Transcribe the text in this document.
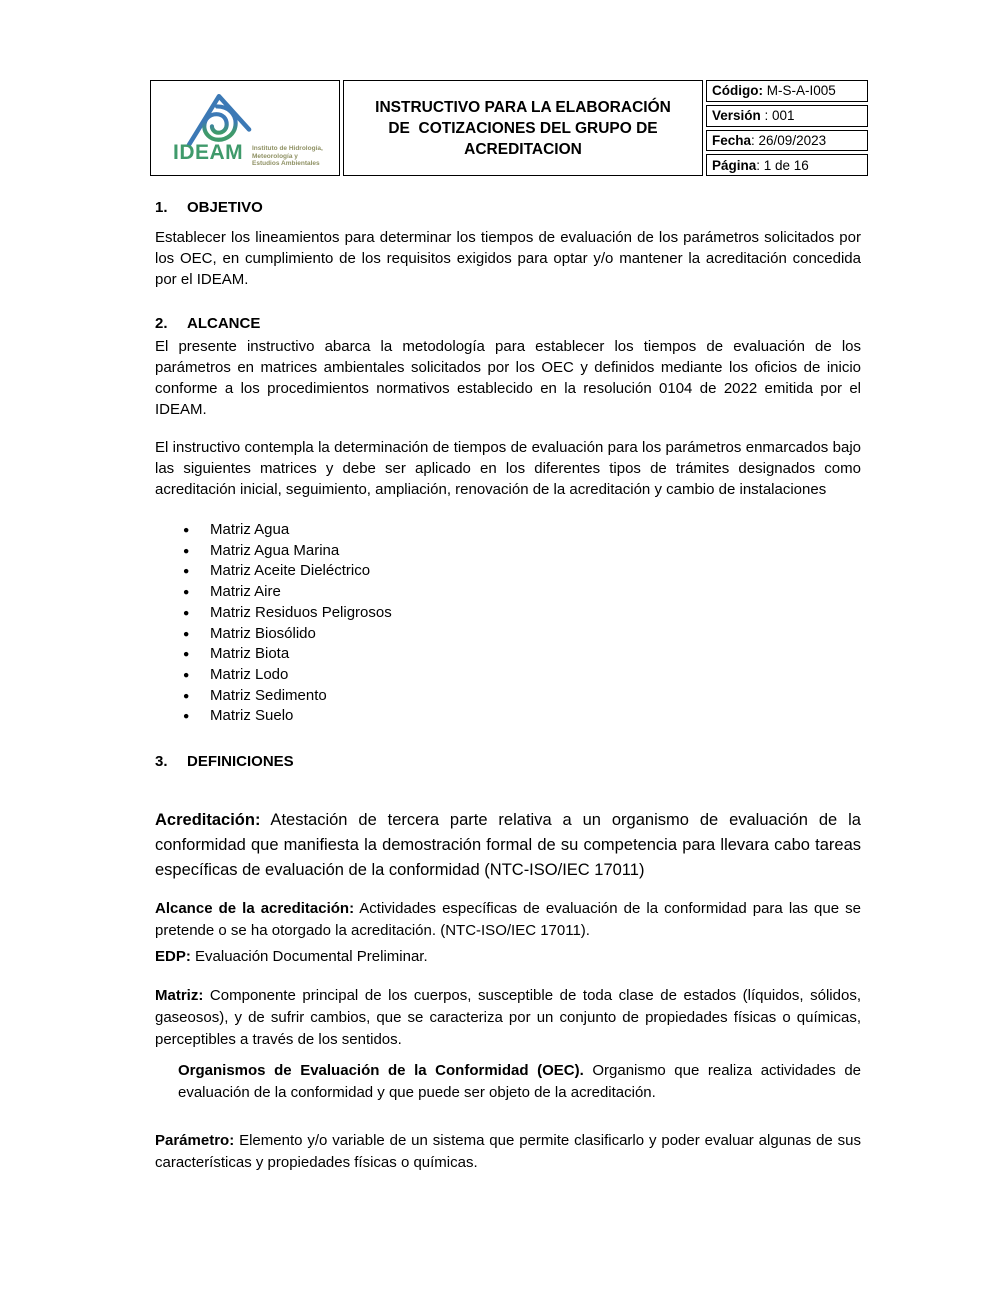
IDEAM Instituto de Hidrología,
Meteorología y
Estudios Ambientales

INSTRUCTIVO PARA LA ELABORACIÓN
DE  COTIZACIONES DEL GRUPO DE
ACREDITACION
	Código: M-S-A-I005
Versión : 001
Fecha: 26/09/2023
Página: 1 de 16
1.	OBJETIVO

Establecer los lineamientos para determinar los tiempos de evaluación de los parámetros solicitados por los OEC, en cumplimiento de los requisitos exigidos para optar y/o mantener la acreditación concedida por el IDEAM.

2.	ALCANCE

El presente instructivo abarca la metodología para establecer los tiempos de evaluación de los parámetros en matrices ambientales solicitados por los OEC y definidos mediante los oficios de inicio conforme a los procedimientos normativos establecido en la resolución 0104 de 2022 emitida por el IDEAM.

El instructivo contempla la determinación de tiempos de evaluación para los parámetros enmarcados bajo las siguientes matrices y debe ser aplicado en los diferentes tipos de trámites designados como acreditación inicial, seguimiento, ampliación, renovación de la acreditación y cambio de instalaciones

●	Matriz Agua
●	Matriz Agua Marina
●	Matriz Aceite Dieléctrico
●	Matriz Aire
●	Matriz Residuos Peligrosos
●	Matriz Biosólido
●	Matriz Biota
●	Matriz Lodo
●	Matriz Sedimento
●	Matriz Suelo
3.	DEFINICIONES

Acreditación: Atestación de tercera parte relativa a un organismo de evaluación de la conformidad que manifiesta la demostración formal de su competencia para llevara cabo tareas específicas de evaluación de la conformidad (NTC-ISO/IEC 17011)

Alcance de la acreditación: Actividades específicas de evaluación de la conformidad para las que se pretende o se ha otorgado la acreditación. (NTC-ISO/IEC 17011).

EDP: Evaluación Documental Preliminar.

Matriz: Componente principal de los cuerpos, susceptible de toda clase de estados (líquidos, sólidos, gaseosos), y de sufrir cambios, que se caracteriza por un conjunto de propiedades físicas o químicas, perceptibles a través de los sentidos.

Organismos de Evaluación de la Conformidad (OEC). Organismo que realiza actividades de evaluación de la conformidad y que puede ser objeto de la acreditación.

Parámetro: Elemento y/o variable de un sistema que permite clasificarlo y poder evaluar algunas de sus características y propiedades físicas o químicas.
